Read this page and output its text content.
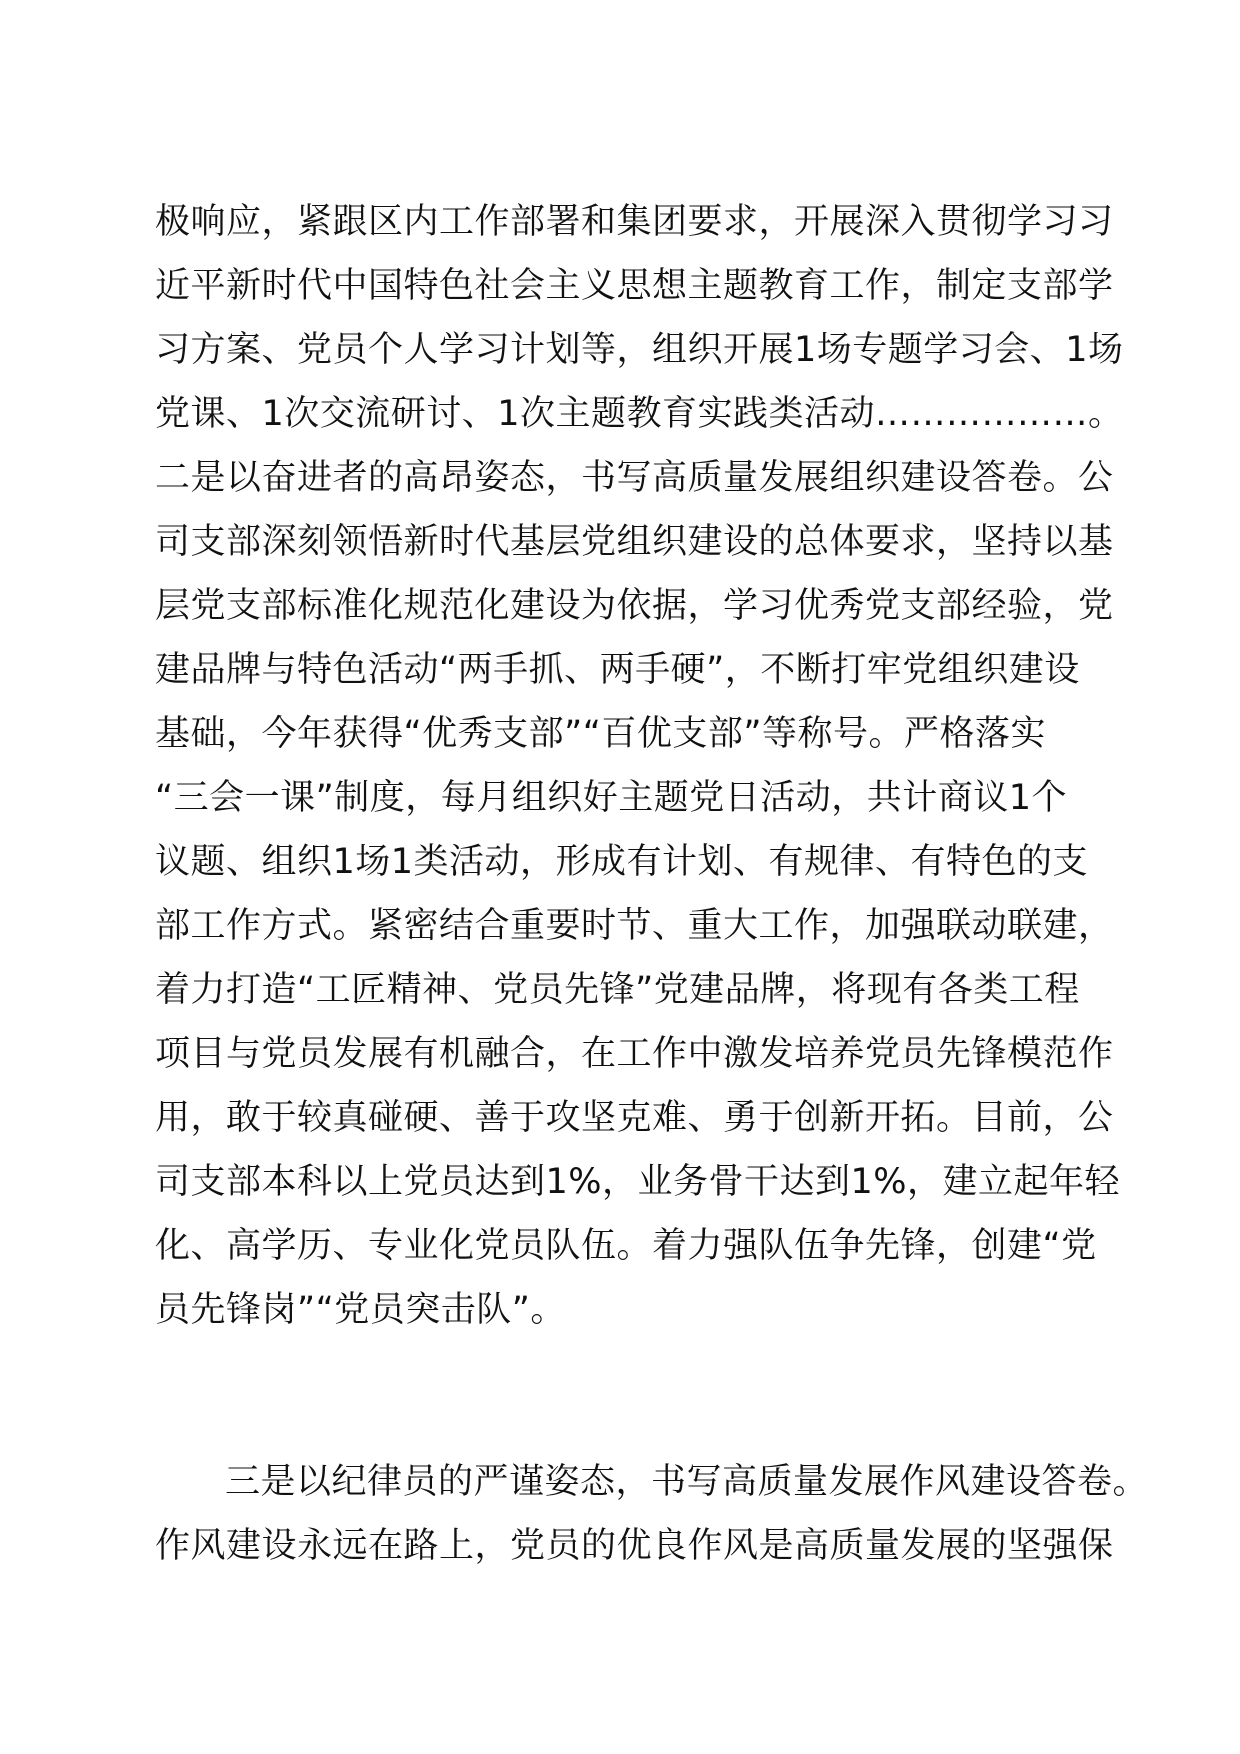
极响应，紧跟区内工作部署和集团要求，开展深入贯彻学习习
近平新时代中国特色社会主义思想主题教育工作，制定支部学
习方案、党员个人学习计划等，组织开展1场专题学习会、1场
党课、1次交流研讨、1次主题教育实践类活动………………。
二是以奋进者的高昂姿态，书写高质量发展组织建设答卷。公
司支部深刻领悟新时代基层党组织建设的总体要求，坚持以基
层党支部标准化规范化建设为依据，学习优秀党支部经验，党
建品牌与特色活动“两手抓、两手硬”，不断打牢党组织建设
基础，今年获得“优秀支部”“百优支部”等称号。严格落实
“三会一课”制度，每月组织好主题党日活动，共计商议1个
议题、组织1场1类活动，形成有计划、有规律、有特色的支
部工作方式。紧密结合重要时节、重大工作，加强联动联建，
着力打造“工匠精神、党员先锋”党建品牌，将现有各类工程
项目与党员发展有机融合，在工作中激发培养党员先锋模范作
用，敢于较真碰硬、善于攻坚克难、勇于创新开拓。目前，公
司支部本科以上党员达到1%，业务骨干达到1%，建立起年轻
化、高学历、专业化党员队伍。着力强队伍争先锋，创建“党
员先锋岗”“党员突击队”。
三是以纪律员的严谨姿态，书写高质量发展作风建设答卷。
作风建设永远在路上，党员的优良作风是高质量发展的坚强保
